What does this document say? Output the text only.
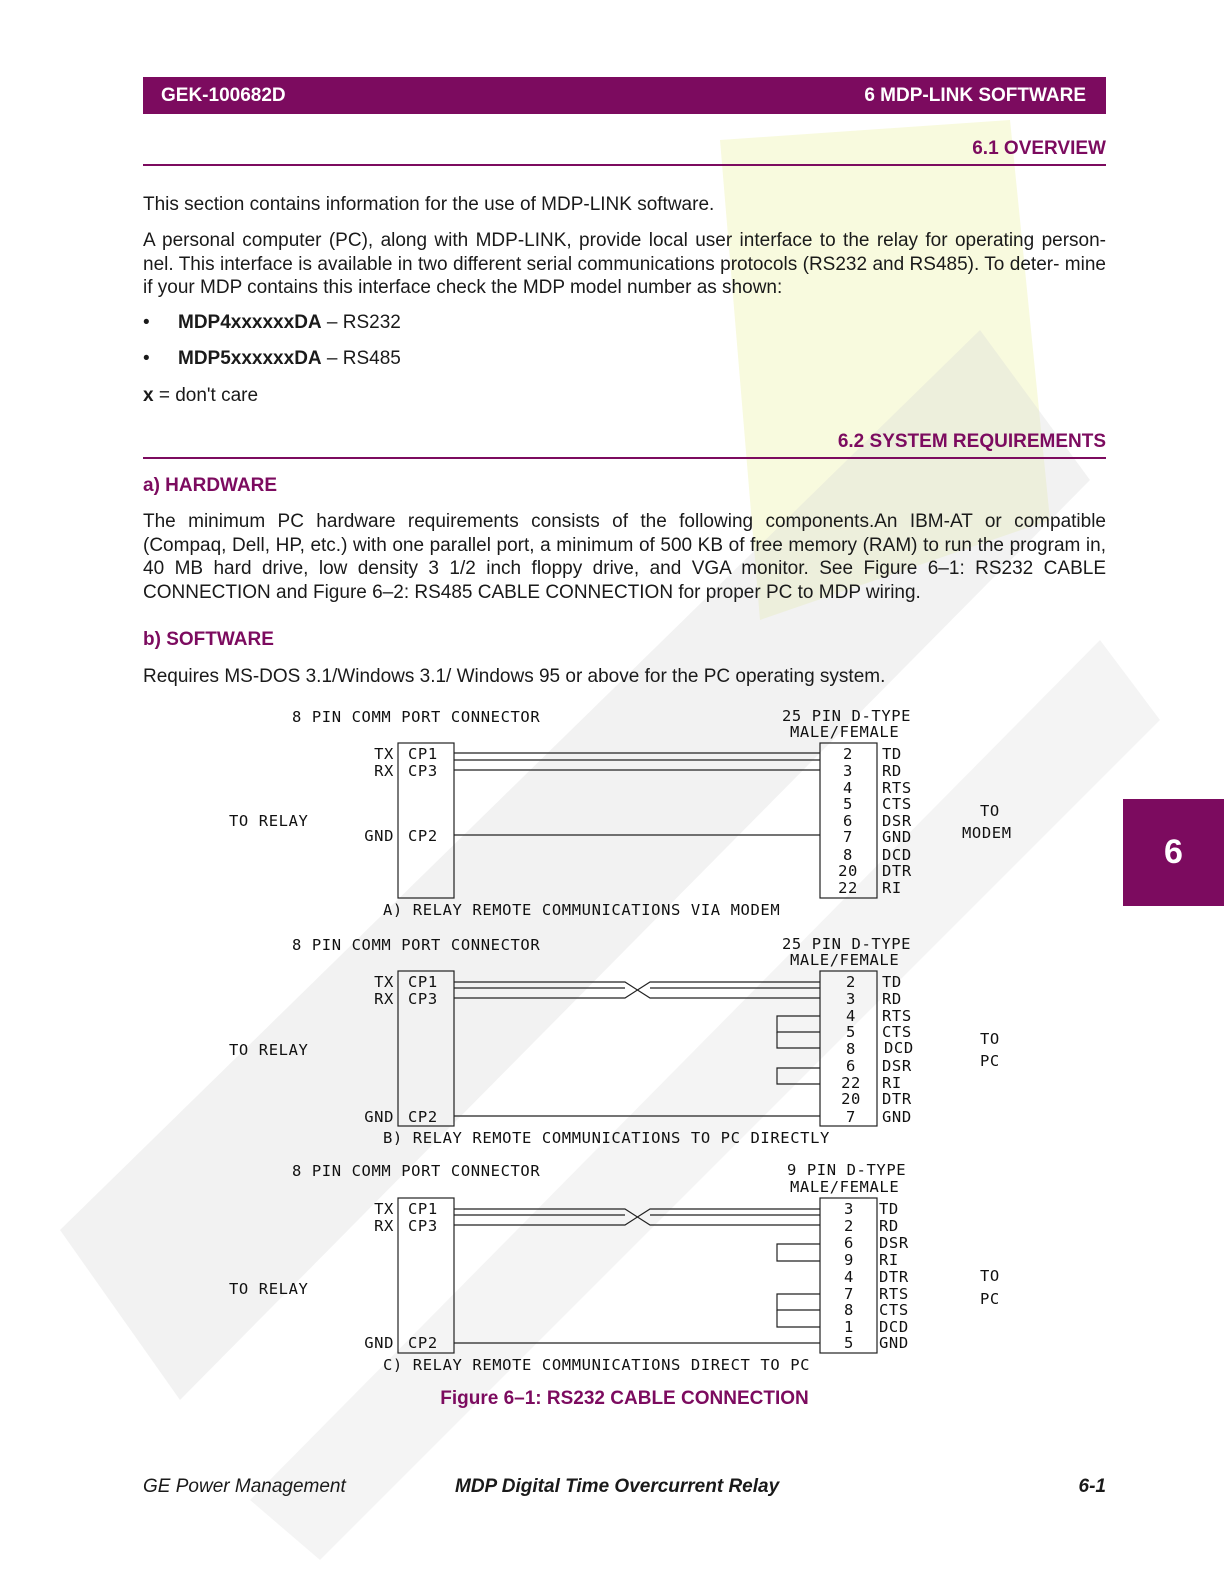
GEK-100682D	6 MDP-LINK SOFTWARE
6.1 OVERVIEW
This section contains information for the use of MDP-LINK software.
A personal computer (PC), along with MDP-LINK, provide local user interface to the relay for operating person- nel. This interface is available in two different serial communications protocols (RS232 and RS485). To deter- mine if your MDP contains this interface check the MDP model number as shown:
• MDP4xxxxxxDA – RS232
• MDP5xxxxxxDA – RS485
x = don't care
6.2 SYSTEM REQUIREMENTS
a) HARDWARE
The minimum PC hardware requirements consists of the following components.An IBM-AT or compatible (Compaq, Dell, HP, etc.) with one parallel port, a minimum of 500 KB of free memory (RAM) to run the program in, 40 MB hard drive, low density 3 1/2 inch floppy drive, and VGA monitor. See Figure 6–1: RS232 CABLE CONNECTION and Figure 6–2: RS485 CABLE CONNECTION for proper PC to MDP wiring.
b) SOFTWARE
Requires MS-DOS 3.1/Windows 3.1/ Windows 95 or above for the PC operating system.
8 PIN COMM PORT CONNECTOR	25 PIN D-TYPE
MALE/FEMALE
TO RELAY
TO
MODEM
A) RELAY REMOTE COMMUNICATIONS VIA MODEM
TX CP1
RX CP3
GND CP2
2 TD
3 RD
4 RTS
5 CTS
6 DSR
7 GND
8 DCD
20 DTR
22 RI
8 PIN COMM PORT CONNECTOR	25 PIN D-TYPE
MALE/FEMALE
TO RELAY
TO
PC
B) RELAY REMOTE COMMUNICATIONS TO PC DIRECTLY
TX CP1
RX CP3
GND CP2
2 TD
3 RD
4 RTS
5 CTS
8 DCD
6 DSR
22 RI
20 DTR
7 GND
8 PIN COMM PORT CONNECTOR	9 PIN D-TYPE
MALE/FEMALE
TO RELAY
TO
PC
C) RELAY REMOTE COMMUNICATIONS DIRECT TO PC
TX CP1
RX CP3
GND CP2
3 TD
2 RD
6 DSR
9 RI
4 DTR
7 RTS
8 CTS
1 DCD
5 GND
Figure 6–1: RS232 CABLE CONNECTION
6
GE Power Management	MDP Digital Time Overcurrent Relay	6-1
